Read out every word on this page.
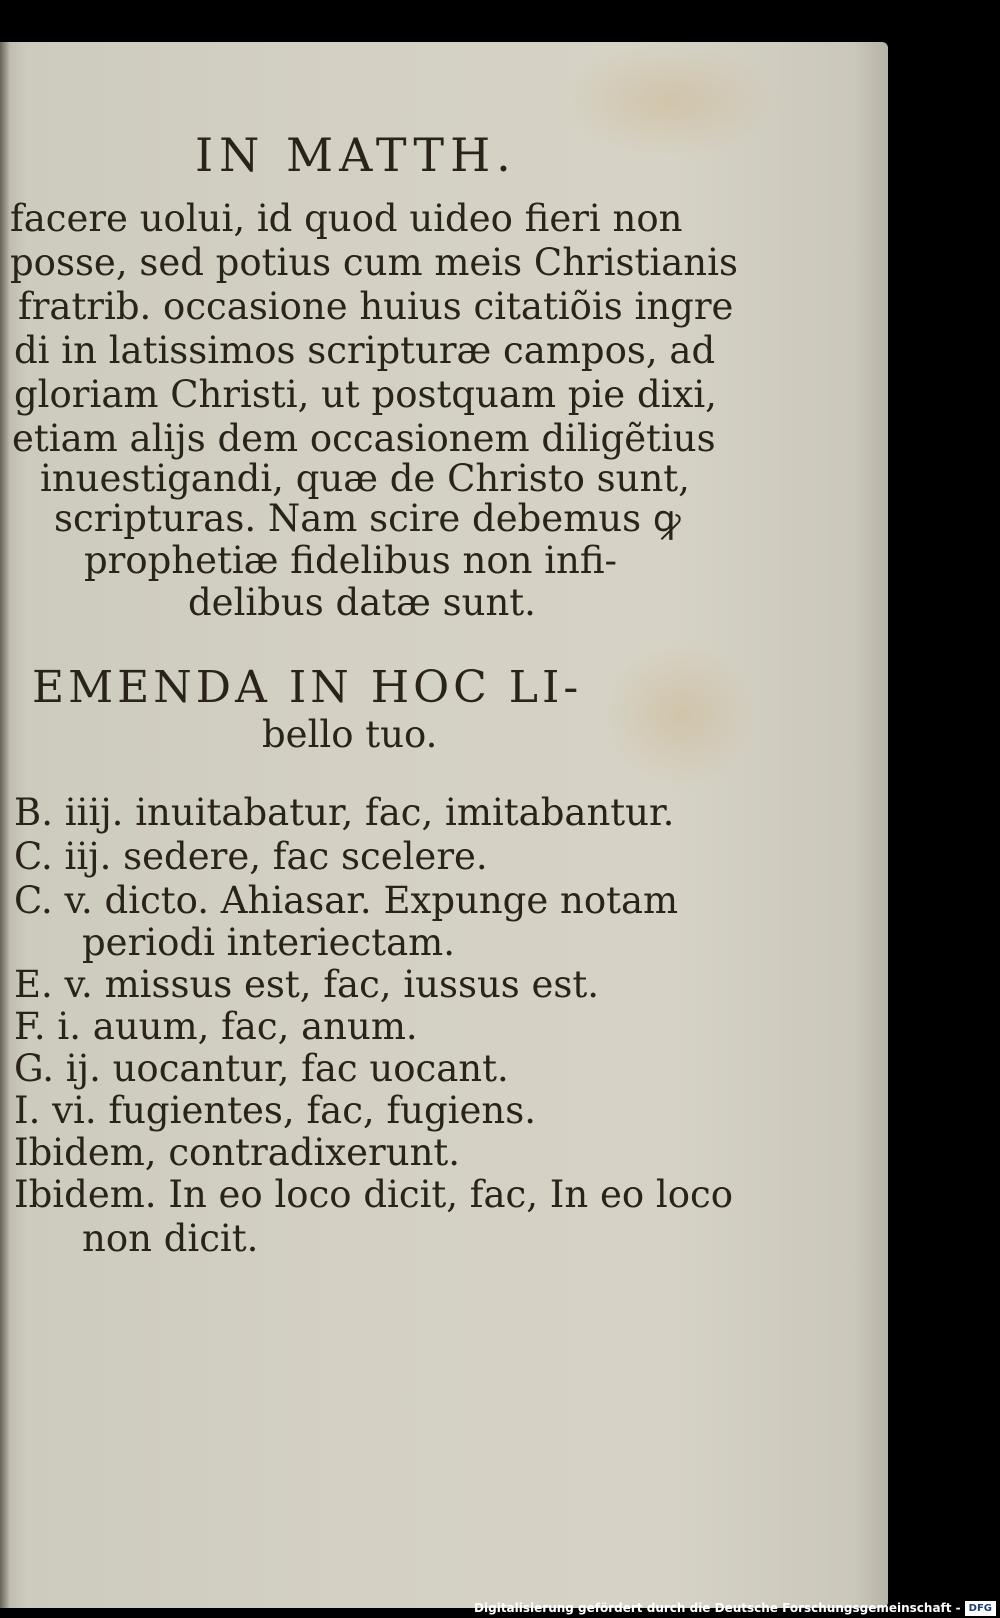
IN MATTH.
facere uolui, id quod uideo fieri non
posse, sed potius cum meis Christianis
fratrib. occasione huius citatiõis ingre
di in latissimos scripturæ campos, ad
gloriam Christi, ut postquam pie dixi,
etiam alijs dem occasionem diligẽtius
inuestigandi, quæ de Christo sunt,
scripturas. Nam scire debemus ꝙ
prophetiæ fidelibus non infi-
delibus datæ sunt.
EMENDA IN HOC LI-
bello tuo.
B. iiij. inuitabatur, fac, imitabantur.
C. iij. sedere, fac scelere.
C. v. dicto. Ahiasar. Expunge notam
periodi interiectam.
E. v. missus est, fac, iussus est.
F. i. auum, fac, anum.
G. ij. uocantur, fac uocant.
I. vi. fugientes, fac, fugiens.
Ibidem, contradixerunt.
Ibidem. In eo loco dicit, fac, In eo loco
non dicit.
Digitalisierung gefördert durch die Deutsche Forschungsgemeinschaft - DFG
